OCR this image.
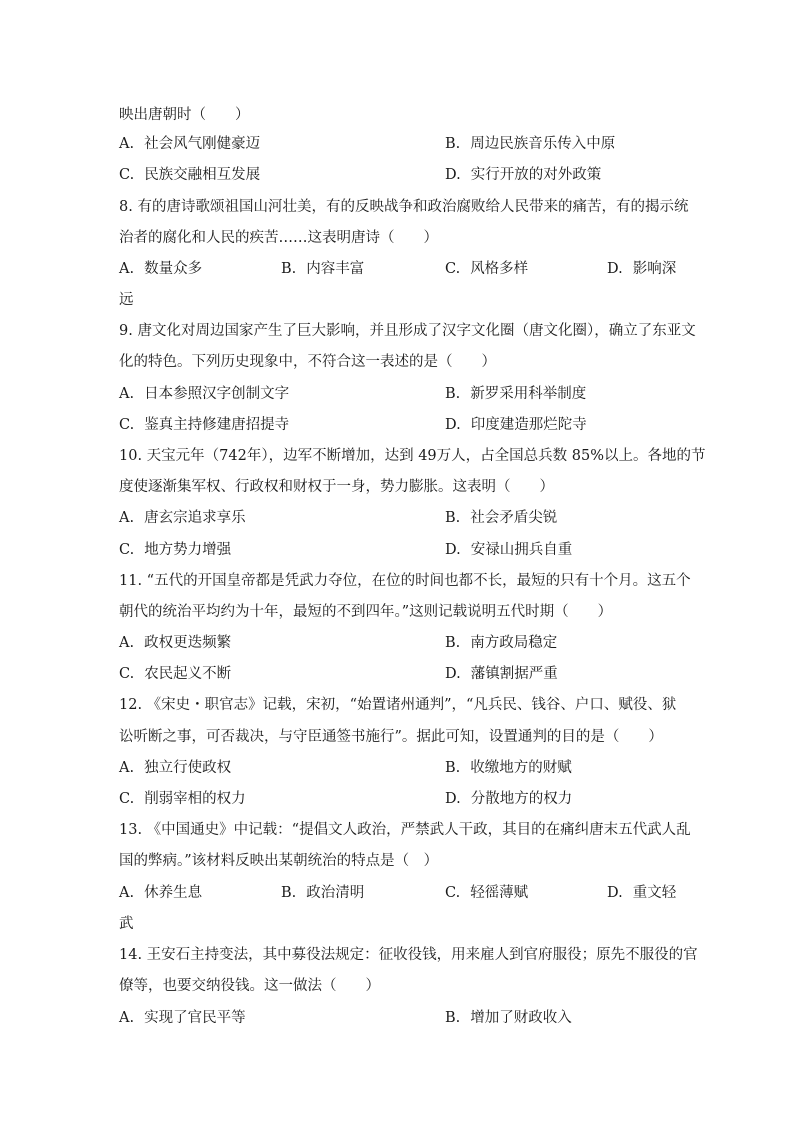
映出唐朝时（　　）
A. 社会风气刚健豪迈	B. 周边民族音乐传入中原
C. 民族交融相互发展	D. 实行开放的对外政策
8. 有的唐诗歌颂祖国山河壮美，有的反映战争和政治腐败给人民带来的痛苦，有的揭示统
治者的腐化和人民的疾苦……这表明唐诗（　　）
A. 数量众多	B. 内容丰富	C. 风格多样	D. 影响深
远
9. 唐文化对周边国家产生了巨大影响，并且形成了汉字文化圈（唐文化圈），确立了东亚文
化的特色。下列历史现象中，不符合这一表述的是（　　）
A. 日本参照汉字创制文字	B. 新罗采用科举制度
C. 鉴真主持修建唐招提寺	D. 印度建造那烂陀寺
10. 天宝元年（742年），边军不断增加，达到 49万人，占全国总兵数 85%以上。各地的节
度使逐渐集军权、行政权和财权于一身，势力膨胀。这表明（　　）
A. 唐玄宗追求享乐	B. 社会矛盾尖锐
C. 地方势力增强	D. 安禄山拥兵自重
11. “五代的开国皇帝都是凭武力夺位，在位的时间也都不长，最短的只有十个月。这五个
朝代的统治平均约为十年，最短的不到四年。”这则记载说明五代时期（　　）
A. 政权更迭频繁	B. 南方政局稳定
C. 农民起义不断	D. 藩镇割据严重
12. 《宋史・职官志》记载，宋初，“始置诸州通判”，“凡兵民、钱谷、户口、赋役、狱
讼听断之事，可否裁决，与守臣通签书施行”。据此可知，设置通判的目的是（　　）
A. 独立行使政权	B. 收缴地方的财赋
C. 削弱宰相的权力	D. 分散地方的权力
13. 《中国通史》中记载：“提倡文人政治，严禁武人干政，其目的在痛纠唐末五代武人乱
国的弊病。”该材料反映出某朝统治的特点是（　）
A. 休养生息	B. 政治清明	C. 轻徭薄赋	D. 重文轻
武
14. 王安石主持变法，其中募役法规定：征收役钱，用来雇人到官府服役；原先不服役的官
僚等，也要交纳役钱。这一做法（　　）
A. 实现了官民平等	B. 增加了财政收入
